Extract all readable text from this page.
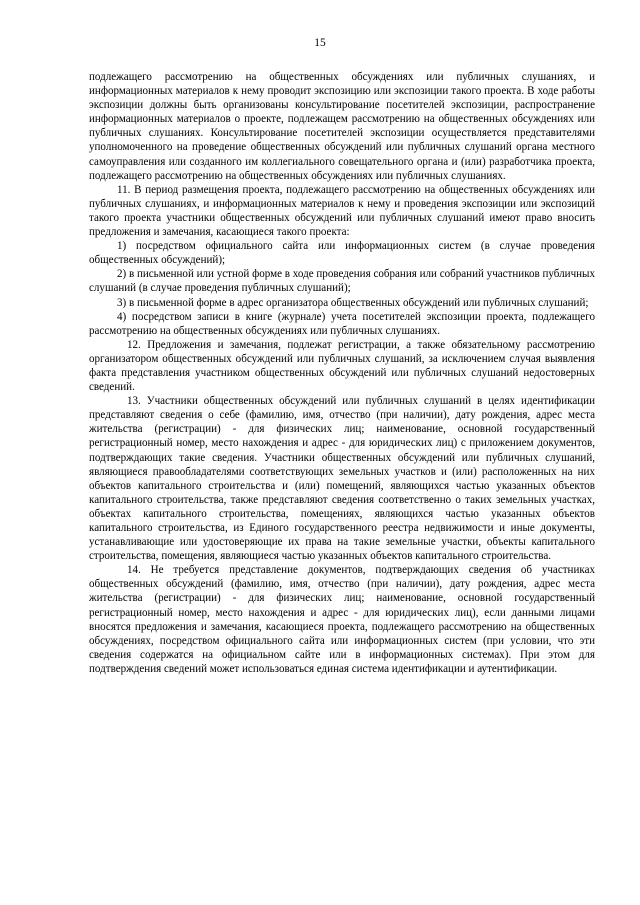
15

подлежащего рассмотрению на общественных обсуждениях или публичных слушаниях, и информационных материалов к нему проводит экспозицию или экспозиции такого проекта. В ходе работы экспозиции должны быть организованы консультирование посетителей экспозиции, распространение информационных материалов о проекте, подлежащем рассмотрению на общественных обсуждениях или публичных слушаниях. Консультирование посетителей экспозиции осуществляется представителями уполномоченного на проведение общественных обсуждений или публичных слушаний органа местного самоуправления или созданного им коллегиального совещательного органа и (или) разработчика проекта, подлежащего рассмотрению на общественных обсуждениях или публичных слушаниях.

11. В период размещения проекта, подлежащего рассмотрению на общественных обсуждениях или публичных слушаниях, и информационных материалов к нему и проведения экспозиции или экспозиций такого проекта участники общественных обсуждений или публичных слушаний имеют право вносить предложения и замечания, касающиеся такого проекта:

1) посредством официального сайта или информационных систем (в случае проведения общественных обсуждений);

2) в письменной или устной форме в ходе проведения собрания или собраний участников публичных слушаний (в случае проведения публичных слушаний);

3) в письменной форме в адрес организатора общественных обсуждений или публичных слушаний;

4) посредством записи в книге (журнале) учета посетителей экспозиции проекта, подлежащего рассмотрению на общественных обсуждениях или публичных слушаниях.

12. Предложения и замечания, подлежат регистрации, а также обязательному рассмотрению организатором общественных обсуждений или публичных слушаний, за исключением случая выявления факта представления участником общественных обсуждений или публичных слушаний недостоверных сведений.

13. Участники общественных обсуждений или публичных слушаний в целях идентификации представляют сведения о себе (фамилию, имя, отчество (при наличии), дату рождения, адрес места жительства (регистрации) - для физических лиц; наименование, основной государственный регистрационный номер, место нахождения и адрес - для юридических лиц) с приложением документов, подтверждающих такие сведения. Участники общественных обсуждений или публичных слушаний, являющиеся правообладателями соответствующих земельных участков и (или) расположенных на них объектов капитального строительства и (или) помещений, являющихся частью указанных объектов капитального строительства, также представляют сведения соответственно о таких земельных участках, объектах капитального строительства, помещениях, являющихся частью указанных объектов капитального строительства, из Единого государственного реестра недвижимости и иные документы, устанавливающие или удостоверяющие их права на такие земельные участки, объекты капитального строительства, помещения, являющиеся частью указанных объектов капитального строительства.

14. Не требуется представление документов, подтверждающих сведения об участниках общественных обсуждений (фамилию, имя, отчество (при наличии), дату рождения, адрес места жительства (регистрации) - для физических лиц; наименование, основной государственный регистрационный номер, место нахождения и адрес - для юридических лиц), если данными лицами вносятся предложения и замечания, касающиеся проекта, подлежащего рассмотрению на общественных обсуждениях, посредством официального сайта или информационных систем (при условии, что эти сведения содержатся на официальном сайте или в информационных системах). При этом для подтверждения сведений может использоваться единая система идентификации и аутентификации.
